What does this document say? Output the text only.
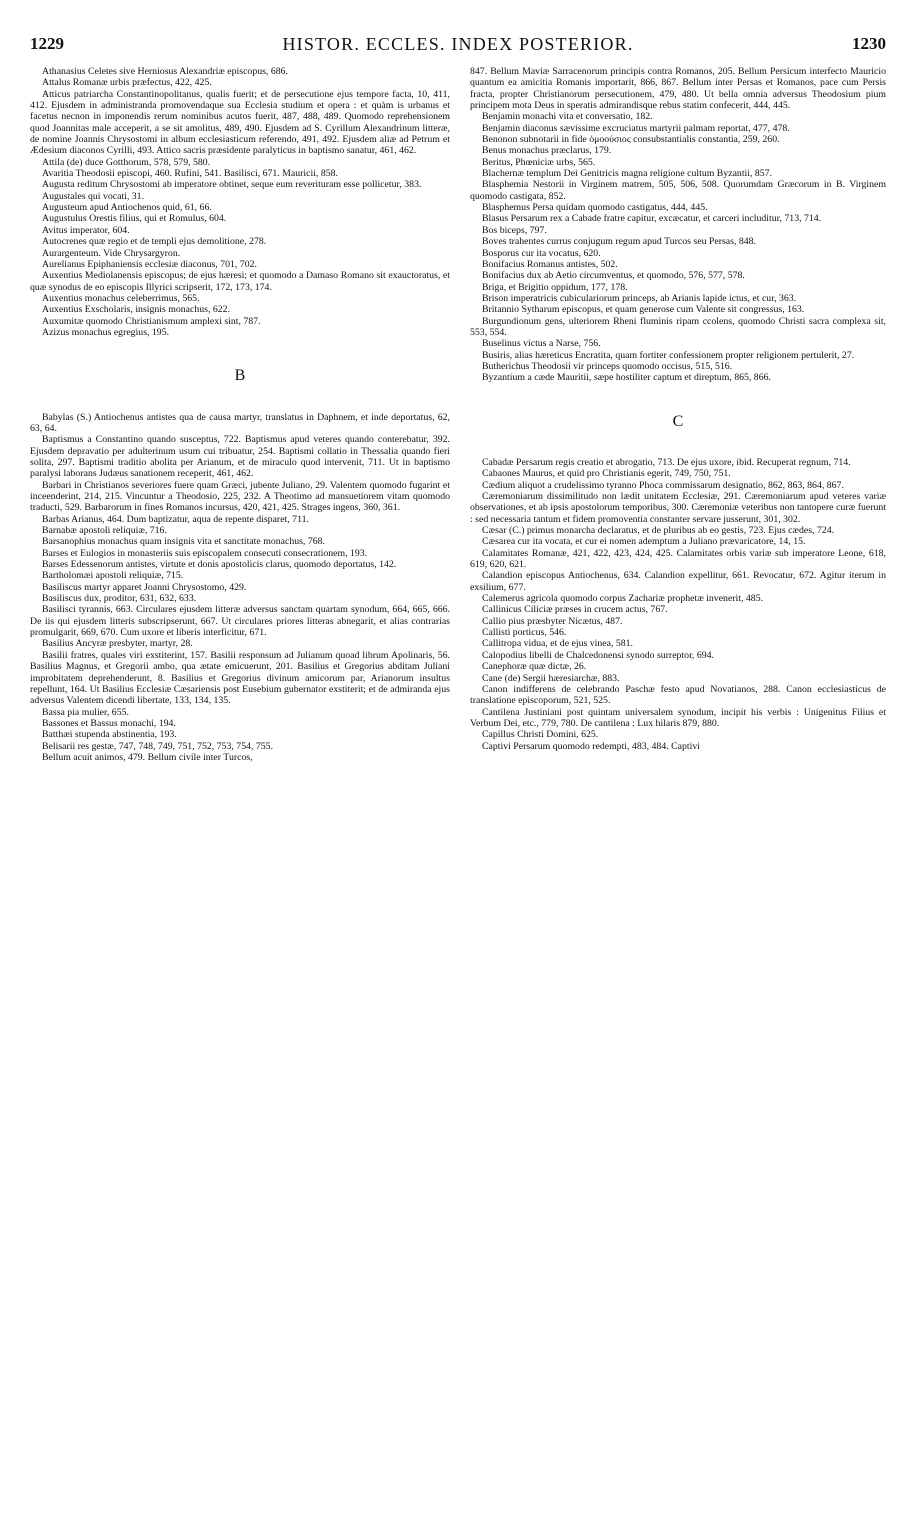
1229	HISTOR. ECCLES. INDEX POSTERIOR.	1230

Athanasius Celetes sive Herniosus Alexandriæ episcopus, 686.

Attalus Romanæ urbis præfectus, 422, 425.

Atticus patriarcha Constantinopolitanus, qualis fuerit; et de persecutione ejus tempore facta, 10, 411, 412. Ejusdem in administranda promovendaque sua Ecclesia studium et opera : et quàm is urbanus et facetus necnon in imponendis rerum nominibus acutos fuerit, 487, 488, 489. Quomodo reprehensionem quod Joannitas male acceperit, a se sit amolitus, 489, 490. Ejusdem ad S. Cyrillum Alexandrinum litteræ, de nomine Joannis Chrysostomi in album ecclesiasticum referendo, 491, 492. Ejusdem aliæ ad Petrum et Ædesium diaconos Cyrilli, 493. Attico sacris præsidente paralyticus in baptismo sanatur, 461, 462.

Attila (de) duce Gotthorum, 578, 579, 580.

Avaritia Theodosii episcopi, 460. Rufini, 541. Basilisci, 671. Mauricii, 858.

Augusta reditum Chrysostomi ab imperatore obtinet, seque eum reverituram esse pollicetur, 383.

Augustales qui vocati, 31.

Augusteum apud Antiochenos quid, 61, 66.

Augustulus Orestis filius, qui et Romulus, 604.

Avitus imperator, 604.

Autocrenes quæ regio et de templi ejus demolitione, 278.

Aurargenteum. Vide Chrysargyron.

Aurelianus Epiphaniensis ecclesiæ diaconus, 701, 702.

Auxentius Mediolanensis episcopus; de ejus hæresi; et quomodo a Damaso Romano sit exauctoratus, et quæ synodus de eo episcopis Illyrici scripserit, 172, 173, 174.

Auxentius monachus celeberrimus, 565.

Auxentius Exscholaris, insignis monachus, 622.

Auxumitæ quomodo Christianismum amplexi sint, 787.

Azizus monachus egregius, 195.

B

Babylas (S.) Antiochenus antistes qua de causa martyr, translatus in Daphnem, et inde deportatus, 62, 63, 64.

Baptismus a Constantino quando susceptus, 722. Baptismus apud veteres quando conterebatur, 392. Ejusdem depravatio per adulterinum usum cui tribuatur, 254. Baptismi collatio in Thessalia quando fieri solita, 297. Baptismi traditio abolita per Arianum, et de miraculo quod intervenit, 711. Ut in baptismo paralysi laborans Judæus sanationem receperit, 461, 462.

Barbari in Christianos severiores fuere quam Græci, jubente Juliano, 29. Valentem quomodo fugarint et inceenderint, 214, 215. Vincuntur a Theodosio, 225, 232. A Theotimo ad mansuetiorem vitam quomodo traducti, 529. Barbarorum in fines Romanos incursus, 420, 421, 425. Strages ingens, 360, 361.

Barbas Arianus, 464. Dum baptizatur, aqua de repente disparet, 711.

Barnabæ apostoli reliquiæ, 716.

Barsanophius monachus quam insignis vita et sanctitate monachus, 768.

Barses et Eulogios in monasteriis suis episcopalem consecuti consecrationem, 193.

Barses Edessenorum antistes, virtute et donis apostolicis clarus, quomodo deportatus, 142.

Bartholomæi apostoli reliquiæ, 715.

Basiliscus martyr apparet Joanni Chrysostomo, 429.

Basiliscus dux, proditor, 631, 632, 633.

Basilisci tyrannis, 663. Circulares ejusdem litteræ adversus sanctam quartam synodum, 664, 665, 666. De iis qui ejusdem litteris subscripserunt, 667. Ut circulares priores litteras abnegarit, et alias contrarias promulgarit, 669, 670. Cum uxore et liberis interficitur, 671.

Basilius Ancyræ presbyter, martyr, 28.

Basilii fratres, quales viri exstiterint, 157. Basilii responsum ad Julianum quoad librum Apolinaris, 56. Basilius Magnus, et Gregorii ambo, qua ætate emicuerunt, 201. Basilius et Gregorius abditam Juliani improbitatem deprehenderunt, 8. Basilius et Gregorius divinum amicorum par, Arianorum insultus repellunt, 164. Ut Basilius Ecclesiæ Cæsariensis post Eusebium gubernator exstiterit; et de admiranda ejus adversus Valentem dicendi libertate, 133, 134, 135.

Bassa pia mulier, 655.

Bassones et Bassus monachi, 194.

Batthæi stupenda abstinentia, 193.

Belisarii res gestæ, 747, 748, 749, 751, 752, 753, 754, 755.

Bellum acuit animos, 479. Bellum civile inter Turcos,

847. Bellum Maviæ Sarracenorum principis contra Romanos, 205. Bellum Persicum interfecto Mauricio quantum ea amicitia Romanis importarit, 866, 867. Bellum inter Persas et Romanos, pace cum Persis fracta, propter Christianorum persecutionem, 479, 480. Ut bella omnia adversus Theodosium pium principem mota Deus in speratis admirandisque rebus statim confecerit, 444, 445.

Benjamin monachi vita et conversatio, 182.

Benjamin diaconus sævissime excruciatus martyrii palmam reportat, 477, 478.

Benonon subnotarii in fide ὁμοούσιος consubstantialis constantia, 259, 260.

Benus monachus præclarus, 179.

Beritus, Phœniciæ urbs, 565.

Blachernæ templum Dei Genitricis magna religione cultum Byzantii, 857.

Blasphemia Nestorii in Virginem matrem, 505, 506, 508. Quorumdam Græcorum in B. Virginem quomodo castigata, 852.

Blasphemus Persa quidam quomodo castigatus, 444, 445.

Blasus Persarum rex a Cabade fratre capitur, excæcatur, et carceri includitur, 713, 714.

Bos biceps, 797.

Boves trahentes currus conjugum regum apud Turcos seu Persas, 848.

Bosporus cur ita vocatus, 620.

Bonifacius Romanus antistes, 502.

Bonifacius dux ab Aetio circumventus, et quomodo, 576, 577, 578.

Briga, et Brigitio oppidum, 177, 178.

Brison imperatricis cubiculariorum princeps, ab Arianis lapide ictus, et cur, 363.

Britannio Sytharum episcopus, et quam generose cum Valente sit congressus, 163.

Burgundionum gens, ulteriorem Rheni fluminis ripam ccolens, quomodo Christi sacra complexa sit, 553, 554.

Buselinus victus a Narse, 756.

Busiris, alias hæreticus Encratita, quam fortiter confessionem propter religionem pertulerit, 27.

Butherichus Theodosii vir princeps quomodo occisus, 515, 516.

Byzantium a cæde Mauritii, sæpe hostiliter captum et direptum, 865, 866.

C

Cabadæ Persarum regis creatio et abrogatio, 713. De ejus uxore, ibid. Recuperat regnum, 714.

Cabaones Maurus, et quid pro Christianis egerit, 749, 750, 751.

Cædium aliquot a crudelissimo tyranno Phoca commissarum designatio, 862, 863, 864, 867.

Cæremoniarum dissimilitudo non lædit unitatem Ecclesiæ, 291. Cæremoniarum apud veteres variæ observationes, et ab ipsis apostolorum temporibus, 300. Cæremoniæ veteribus non tantopere curæ fuerunt : sed necessaria tantum et fidem promoventia constanter servare jusserunt, 301, 302.

Cæsar (C.) primus monarcha declaratus, et de pluribus ab eo gestis, 723. Ejus cædes, 724.

Cæsarea cur ita vocata, et cur ei nomen ademptum a Juliano prævaricatore, 14, 15.

Calamitates Romanæ, 421, 422, 423, 424, 425. Calamitates orbis variæ sub imperatore Leone, 618, 619, 620, 621.

Calandion episcopus Antiochenus, 634. Calandion expellitur, 661. Revocatur, 672. Agitur iterum in exsilium, 677.

Calemerus agricola quomodo corpus Zachariæ prophetæ invenerit, 485.

Callinicus Ciliciæ præses in crucem actus, 767.

Callio pius præsbyter Nicætus, 487.

Callisti porticus, 546.

Callitropa vidua, et de ejus vinea, 581.

Calopodius libelli de Chalcedonensi synodo surreptor, 694.

Canephoræ quæ dictæ, 26.

Cane (de) Sergii hæresiarchæ, 883.

Canon indifferens de celebrando Paschæ festo apud Novatianos, 288. Canon ecclesiasticus de translatione episcoporum, 521, 525.

Cantilena Justiniani post quintam universalem synodum, incipit his verbis : Unigenitus Filius et Verbum Dei, etc., 779, 780. De cantilena : Lux hilaris 879, 880.

Capillus Christi Domini, 625.

Captivi Persarum quomodo redempti, 483, 484. Captivi
